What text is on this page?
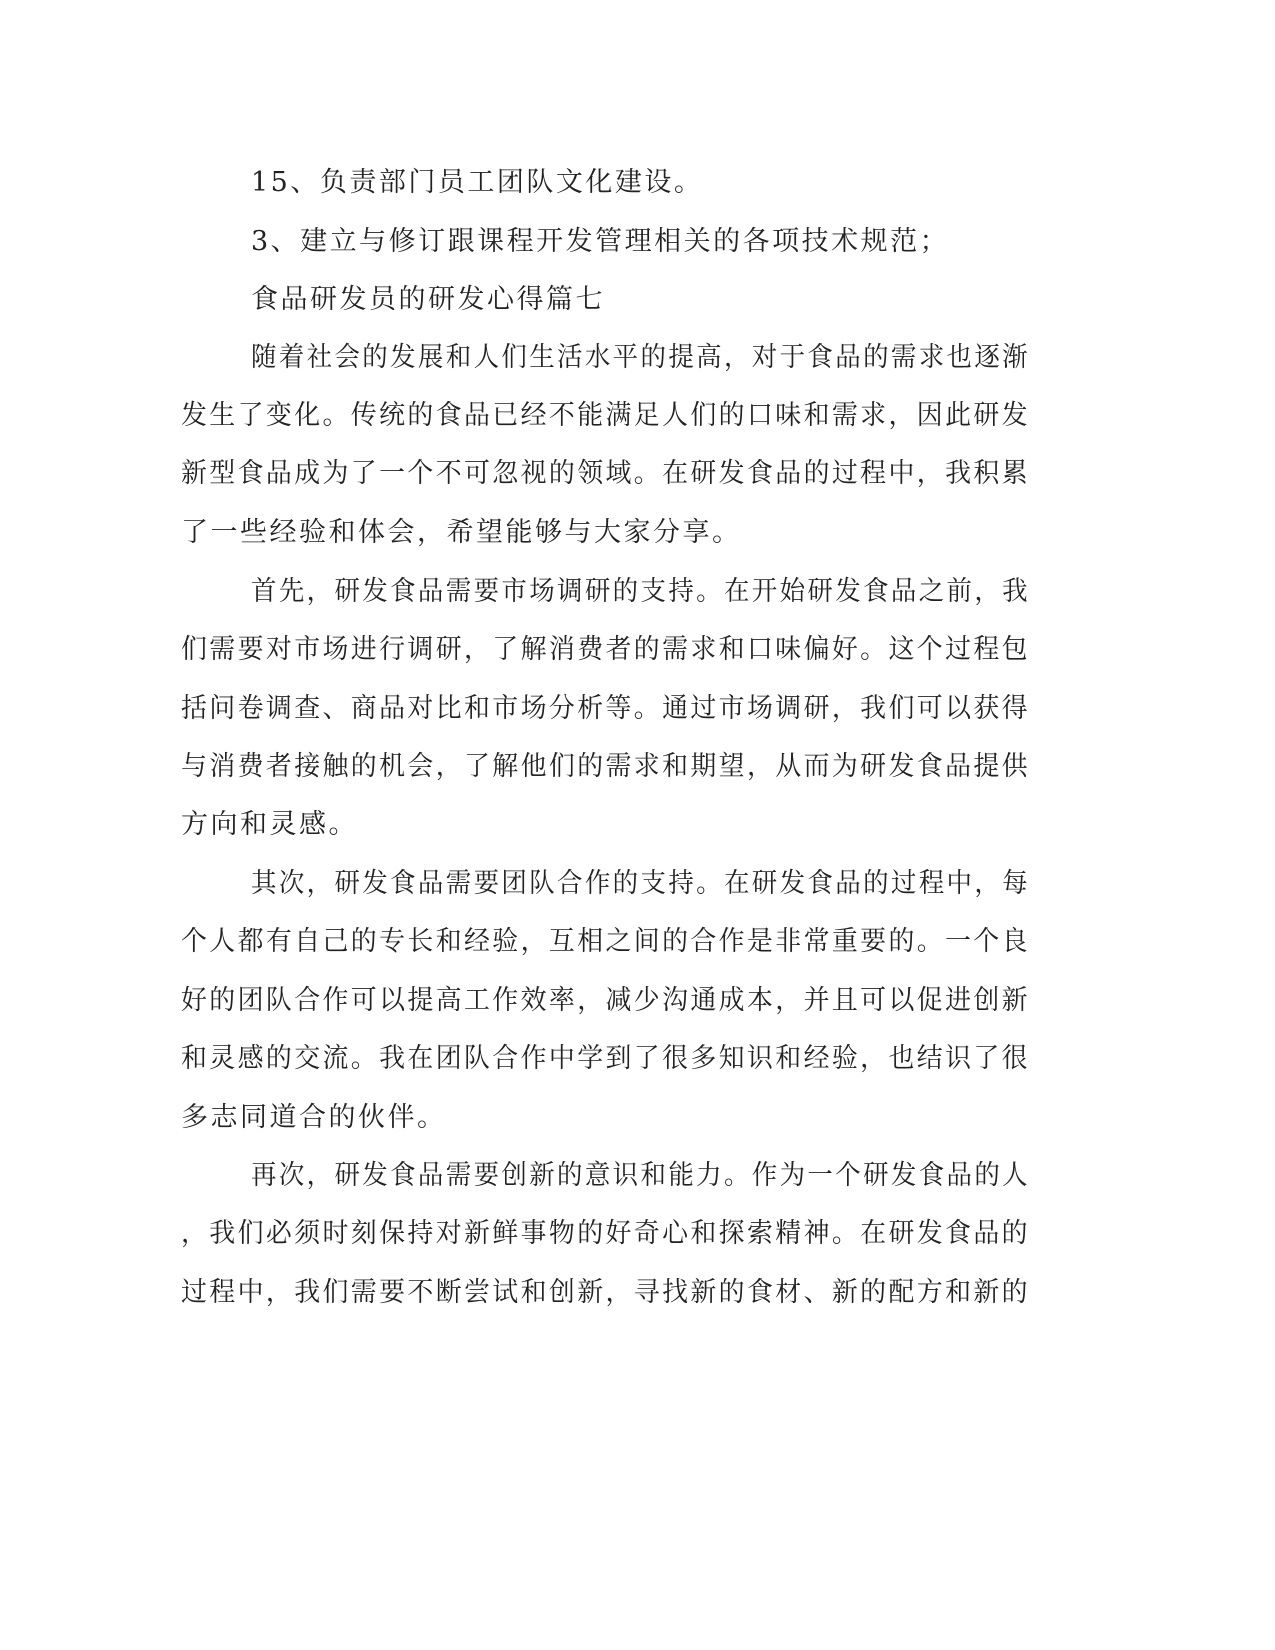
15、负责部门员工团队文化建设。

3、建立与修订跟课程开发管理相关的各项技术规范；

食品研发员的研发心得篇七

随着社会的发展和人们生活水平的提高，对于食品的需求也逐渐

发生了变化。传统的食品已经不能满足人们的口味和需求，因此研发

新型食品成为了一个不可忽视的领域。在研发食品的过程中，我积累

了一些经验和体会，希望能够与大家分享。

首先，研发食品需要市场调研的支持。在开始研发食品之前，我

们需要对市场进行调研，了解消费者的需求和口味偏好。这个过程包

括问卷调查、商品对比和市场分析等。通过市场调研，我们可以获得

与消费者接触的机会，了解他们的需求和期望，从而为研发食品提供

方向和灵感。

其次，研发食品需要团队合作的支持。在研发食品的过程中，每

个人都有自己的专长和经验，互相之间的合作是非常重要的。一个良

好的团队合作可以提高工作效率，减少沟通成本，并且可以促进创新

和灵感的交流。我在团队合作中学到了很多知识和经验，也结识了很

多志同道合的伙伴。

再次，研发食品需要创新的意识和能力。作为一个研发食品的人

，我们必须时刻保持对新鲜事物的好奇心和探索精神。在研发食品的

过程中，我们需要不断尝试和创新，寻找新的食材、新的配方和新的
